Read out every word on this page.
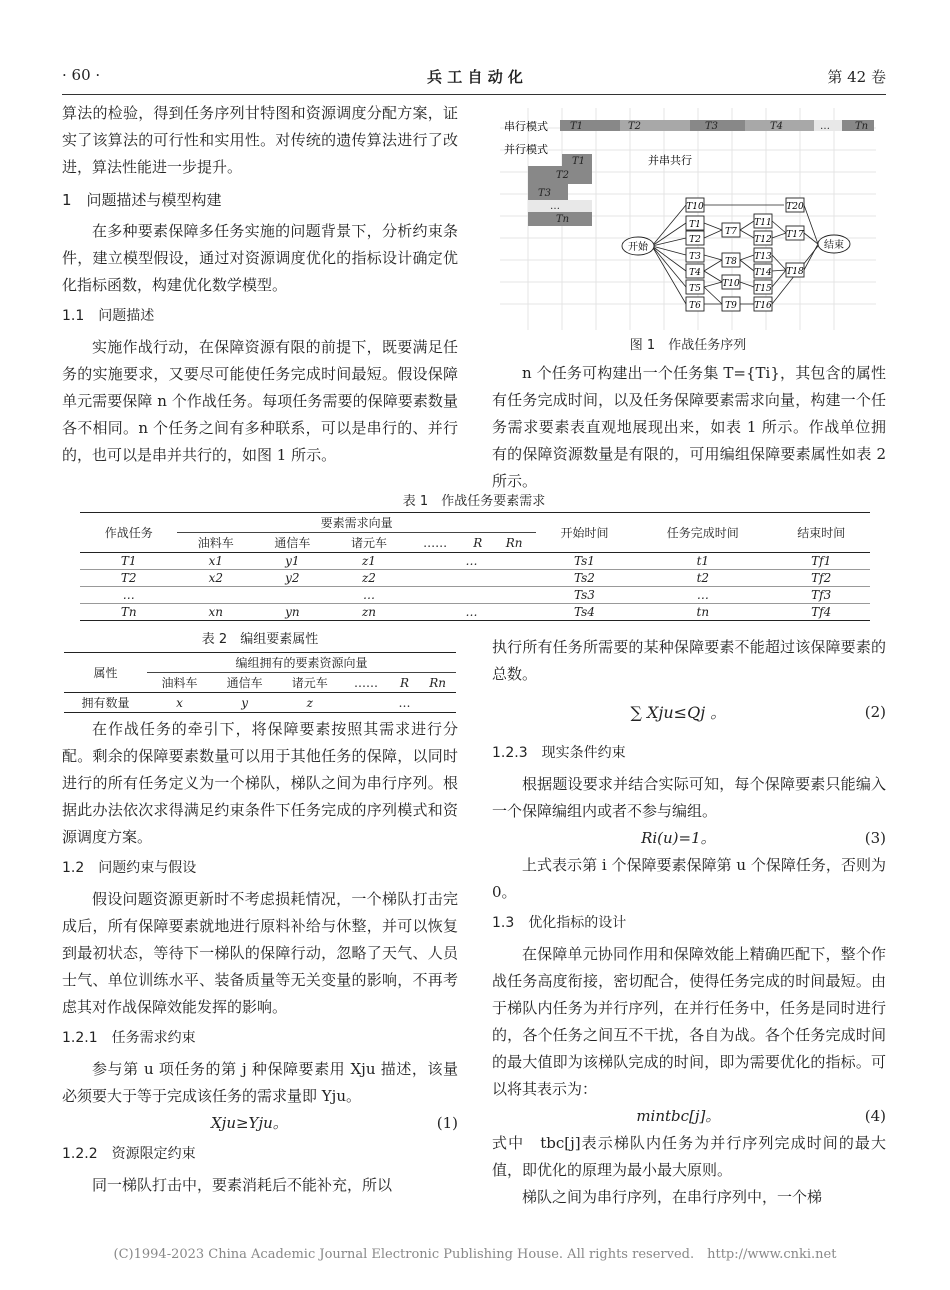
· 60 ·	兵 工 自 动 化	第 42 卷

算法的检验，得到任务序列甘特图和资源调度分配方案，证实了该算法的可行性和实用性。对传统的遗传算法进行了改进，算法性能进一步提升。

1　问题描述与模型构建

在多种要素保障多任务实施的问题背景下，分析约束条件，建立模型假设，通过对资源调度优化的指标设计确定优化指标函数，构建优化数学模型。

1.1　问题描述

实施作战行动，在保障资源有限的前提下，既要满足任务的实施要求，又要尽可能使任务完成时间最短。假设保障单元需要保障 n 个作战任务。每项任务需要的保障要素数量各不相同。n 个任务之间有多种联系，可以是串行的、并行的，也可以是串并共行的，如图 1 所示。

串行模式 T1	T2	T3	T4	…	Tn
并行模式
T1
T2
T3
…
Tn
并串共行
开始	结束
T10
T1
T2
T3
T4
T5
T6
T7
T8
T10
T9
T11
T12
T13
T14
T15
T16
T20
T17
T18
图 1　作战任务序列

n 个任务可构建出一个任务集 T={Ti}，其包含的属性有任务完成时间，以及任务保障要素需求向量，构建一个任务需求要素表直观地展现出来，如表 1 所示。作战单位拥有的保障资源数量是有限的，可用编组保障要素属性如表 2 所示。

表 1　作战任务要素需求
作战任务	要素需求向量						开始时间	任务完成时间	结束时间
	油料车	通信车	诸元车	……	R	Rn			
T1	x1	y1	z1	…			Ts1	t1	Tf1
T2	x2	y2	z2				Ts2	t2	Tf2
…			…				Ts3	…	Tf3
Tn	xn	yn	zn	…			Ts4	tn	Tf4
表 2　编组要素属性
属性	编组拥有的要素资源向量					
	油料车	通信车	诸元车	……	R	Rn
拥有数量	x	y	z		…	

在作战任务的牵引下，将保障要素按照其需求进行分配。剩余的保障要素数量可以用于其他任务的保障，以同时进行的所有任务定义为一个梯队，梯队之间为串行序列。根据此办法依次求得满足约束条件下任务完成的序列模式和资源调度方案。

1.2　问题约束与假设

假设问题资源更新时不考虑损耗情况，一个梯队打击完成后，所有保障要素就地进行原料补给与休整，并可以恢复到最初状态，等待下一梯队的保障行动，忽略了天气、人员士气、单位训练水平、装备质量等无关变量的影响，不再考虑其对作战保障效能发挥的影响。

1.2.1　任务需求约束

参与第 u 项任务的第 j 种保障要素用 Xju 描述，该量必须要大于等于完成该任务的需求量即 Yju。

Xju≥Yju。	(1)
1.2.2　资源限定约束

同一梯队打击中，要素消耗后不能补充，所以

执行所有任务所需要的某种保障要素不能超过该保障要素的总数。

∑ Xju≤Qj 。	(2)
1.2.3　现实条件约束

根据题设要求并结合实际可知，每个保障要素只能编入一个保障编组内或者不参与编组。

Ri(u)=1。	(3)

上式表示第 i 个保障要素保障第 u 个保障任务，否则为 0。

1.3　优化指标的设计

在保障单元协同作用和保障效能上精确匹配下，整个作战任务高度衔接，密切配合，使得任务完成的时间最短。由于梯队内任务为并行序列，在并行任务中，任务是同时进行的，各个任务之间互不干扰，各自为战。各个任务完成时间的最大值即为该梯队完成的时间，即为需要优化的指标。可以将其表示为：

mintbc[j]。	(4)

式中　tbc[j]表示梯队内任务为并行序列完成时间的最大值，即优化的原理为最小最大原则。

梯队之间为串行序列，在串行序列中，一个梯

(C)1994-2023 China Academic Journal Electronic Publishing House. All rights reserved.　http://www.cnki.net
